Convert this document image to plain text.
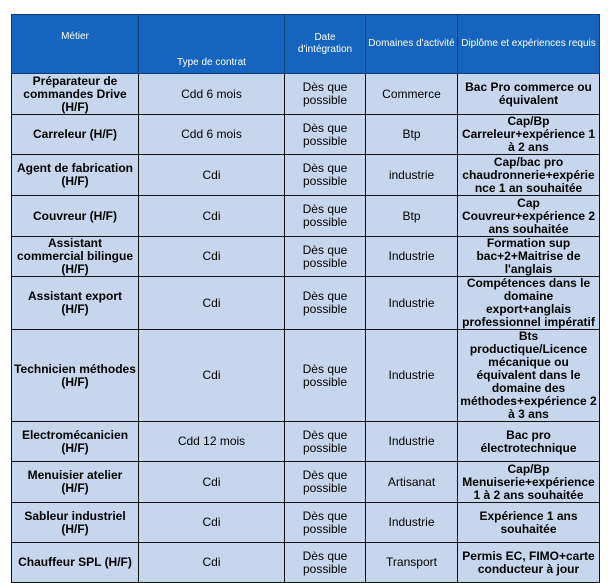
Métier	Type de contrat	Date d'intégration	Domaines d'activité	Diplôme et expériences requis
Préparateur de commandes Drive (H/F)	Cdd 6 mois	Dès que possible	Commerce	Bac Pro commerce ou équivalent
Carreleur (H/F)	Cdd 6 mois	Dès que possible	Btp	Cap/Bp Carreleur+expérience 1 à 2 ans
Agent de fabrication (H/F)	Cdi	Dès que possible	industrie	Cap/bac pro chaudronnerie+expérience 1 an souhaitée
Couvreur (H/F)	Cdi	Dès que possible	Btp	Cap Couvreur+expérience 2 ans souhaitée
Assistant commercial bilingue (H/F)	Cdi	Dès que possible	Industrie	Formation sup bac+2+Maitrise de l'anglais
Assistant export (H/F)	Cdi	Dès que possible	Industrie	Compétences dans le domaine export+anglais professionnel impératif
Technicien méthodes (H/F)	Cdi	Dès que possible	Industrie	Bts productique/Licence mécanique ou équivalent dans le domaine des méthodes+expérience 2 à 3 ans
Electromécanicien (H/F)	Cdd 12 mois	Dès que possible	Industrie	Bac pro électrotechnique
Menuisier atelier (H/F)	Cdi	Dès que possible	Artisanat	Cap/Bp Menuiserie+expérience 1 à 2 ans souhaitée
Sableur industriel (H/F)	Cdi	Dès que possible	Industrie	Expérience 1 ans souhaitée
Chauffeur SPL (H/F)	Cdi	Dès que possible	Transport	Permis EC, FIMO+carte conducteur à jour
